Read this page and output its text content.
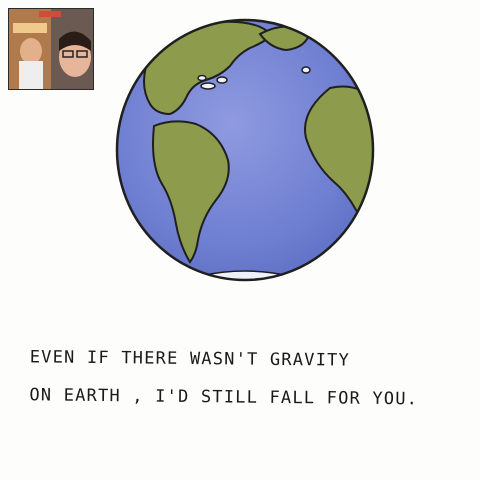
EVEN IF THERE WASN'T GRAVITY
ON EARTH , I'D STILL FALL FOR YOU.
